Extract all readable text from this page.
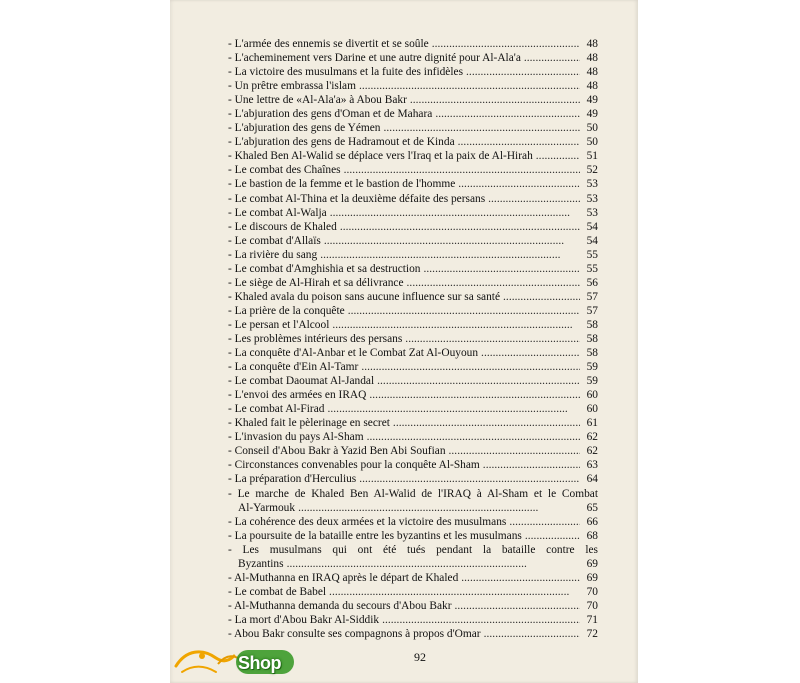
- L'armée des ennemis se divertit et se soûle . . .	48
- L'acheminement vers Darine et une autre dignité pour Al-Ala'a . . .	48
- La victoire des musulmans et la fuite des infidèles . . .	48
- Un prêtre embrassa l'islam . . .	48
- Une lettre de «Al-Ala'a» à Abou Bakr . . .	49
- L'abjuration des gens d'Oman et de Mahara . . .	49
- L'abjuration des gens de Yémen . . .	50
- L'abjuration des gens de Hadramout et de Kinda . . .	50
- Khaled Ben Al-Walid se déplace vers l'Iraq et la paix de Al-Hirah . . .	51
- Le combat des Chaînes . . .	52
- Le bastion de la femme et le bastion de l'homme . . .	53
- Le combat Al-Thina et la deuxième défaite des persans . . .	53
- Le combat Al-Walja . . .	53
- Le discours de Khaled . . .	54
- Le combat d'Allaïs . . .	54
- La rivière du sang . . .	55
- Le combat d'Amghishia et sa destruction . . .	55
- Le siège de Al-Hirah et sa délivrance . . .	56
- Khaled avala du poison sans aucune influence sur sa santé . . .	57
- La prière de la conquête . . .	57
- Le persan et l'Alcool . . .	58
- Les problèmes intérieurs des persans . . .	58
- La conquête d'Al-Anbar et le Combat Zat Al-Ouyoun . . .	58
- La conquête d'Ein Al-Tamr . . .	59
- Le combat Daoumat Al-Jandal . . .	59
- L'envoi des armées en IRAQ . . .	60
- Le combat Al-Firad . . .	60
- Khaled fait le pèlerinage en secret . . .	61
- L'invasion du pays Al-Sham . . .	62
- Conseil d'Abou Bakr à Yazid Ben Abi Soufian . . .	62
- Circonstances convenables pour la conquête Al-Sham . . .	63
- La préparation d'Herculius . . .	64
- Le marche de Khaled Ben Al-Walid de l'IRAQ à Al-Sham et le Combat
Al-Yarmouk . . .	65
- La cohérence des deux armées et la victoire des musulmans . . .	66
- La poursuite de la bataille entre les byzantins et les musulmans . . .	68
- Les musulmans qui ont été tués pendant la bataille contre les
Byzantins . . .	69
- Al-Muthanna en IRAQ après le départ de Khaled . . .	69
- Le combat de Babel . . .	70
- Al-Muthanna demanda du secours d'Abou Bakr . . .	70
- La mort d'Abou Bakr Al-Siddik . . .	71
- Abou Bakr consulte ses compagnons à propos d'Omar . . .	72
92
Shop
